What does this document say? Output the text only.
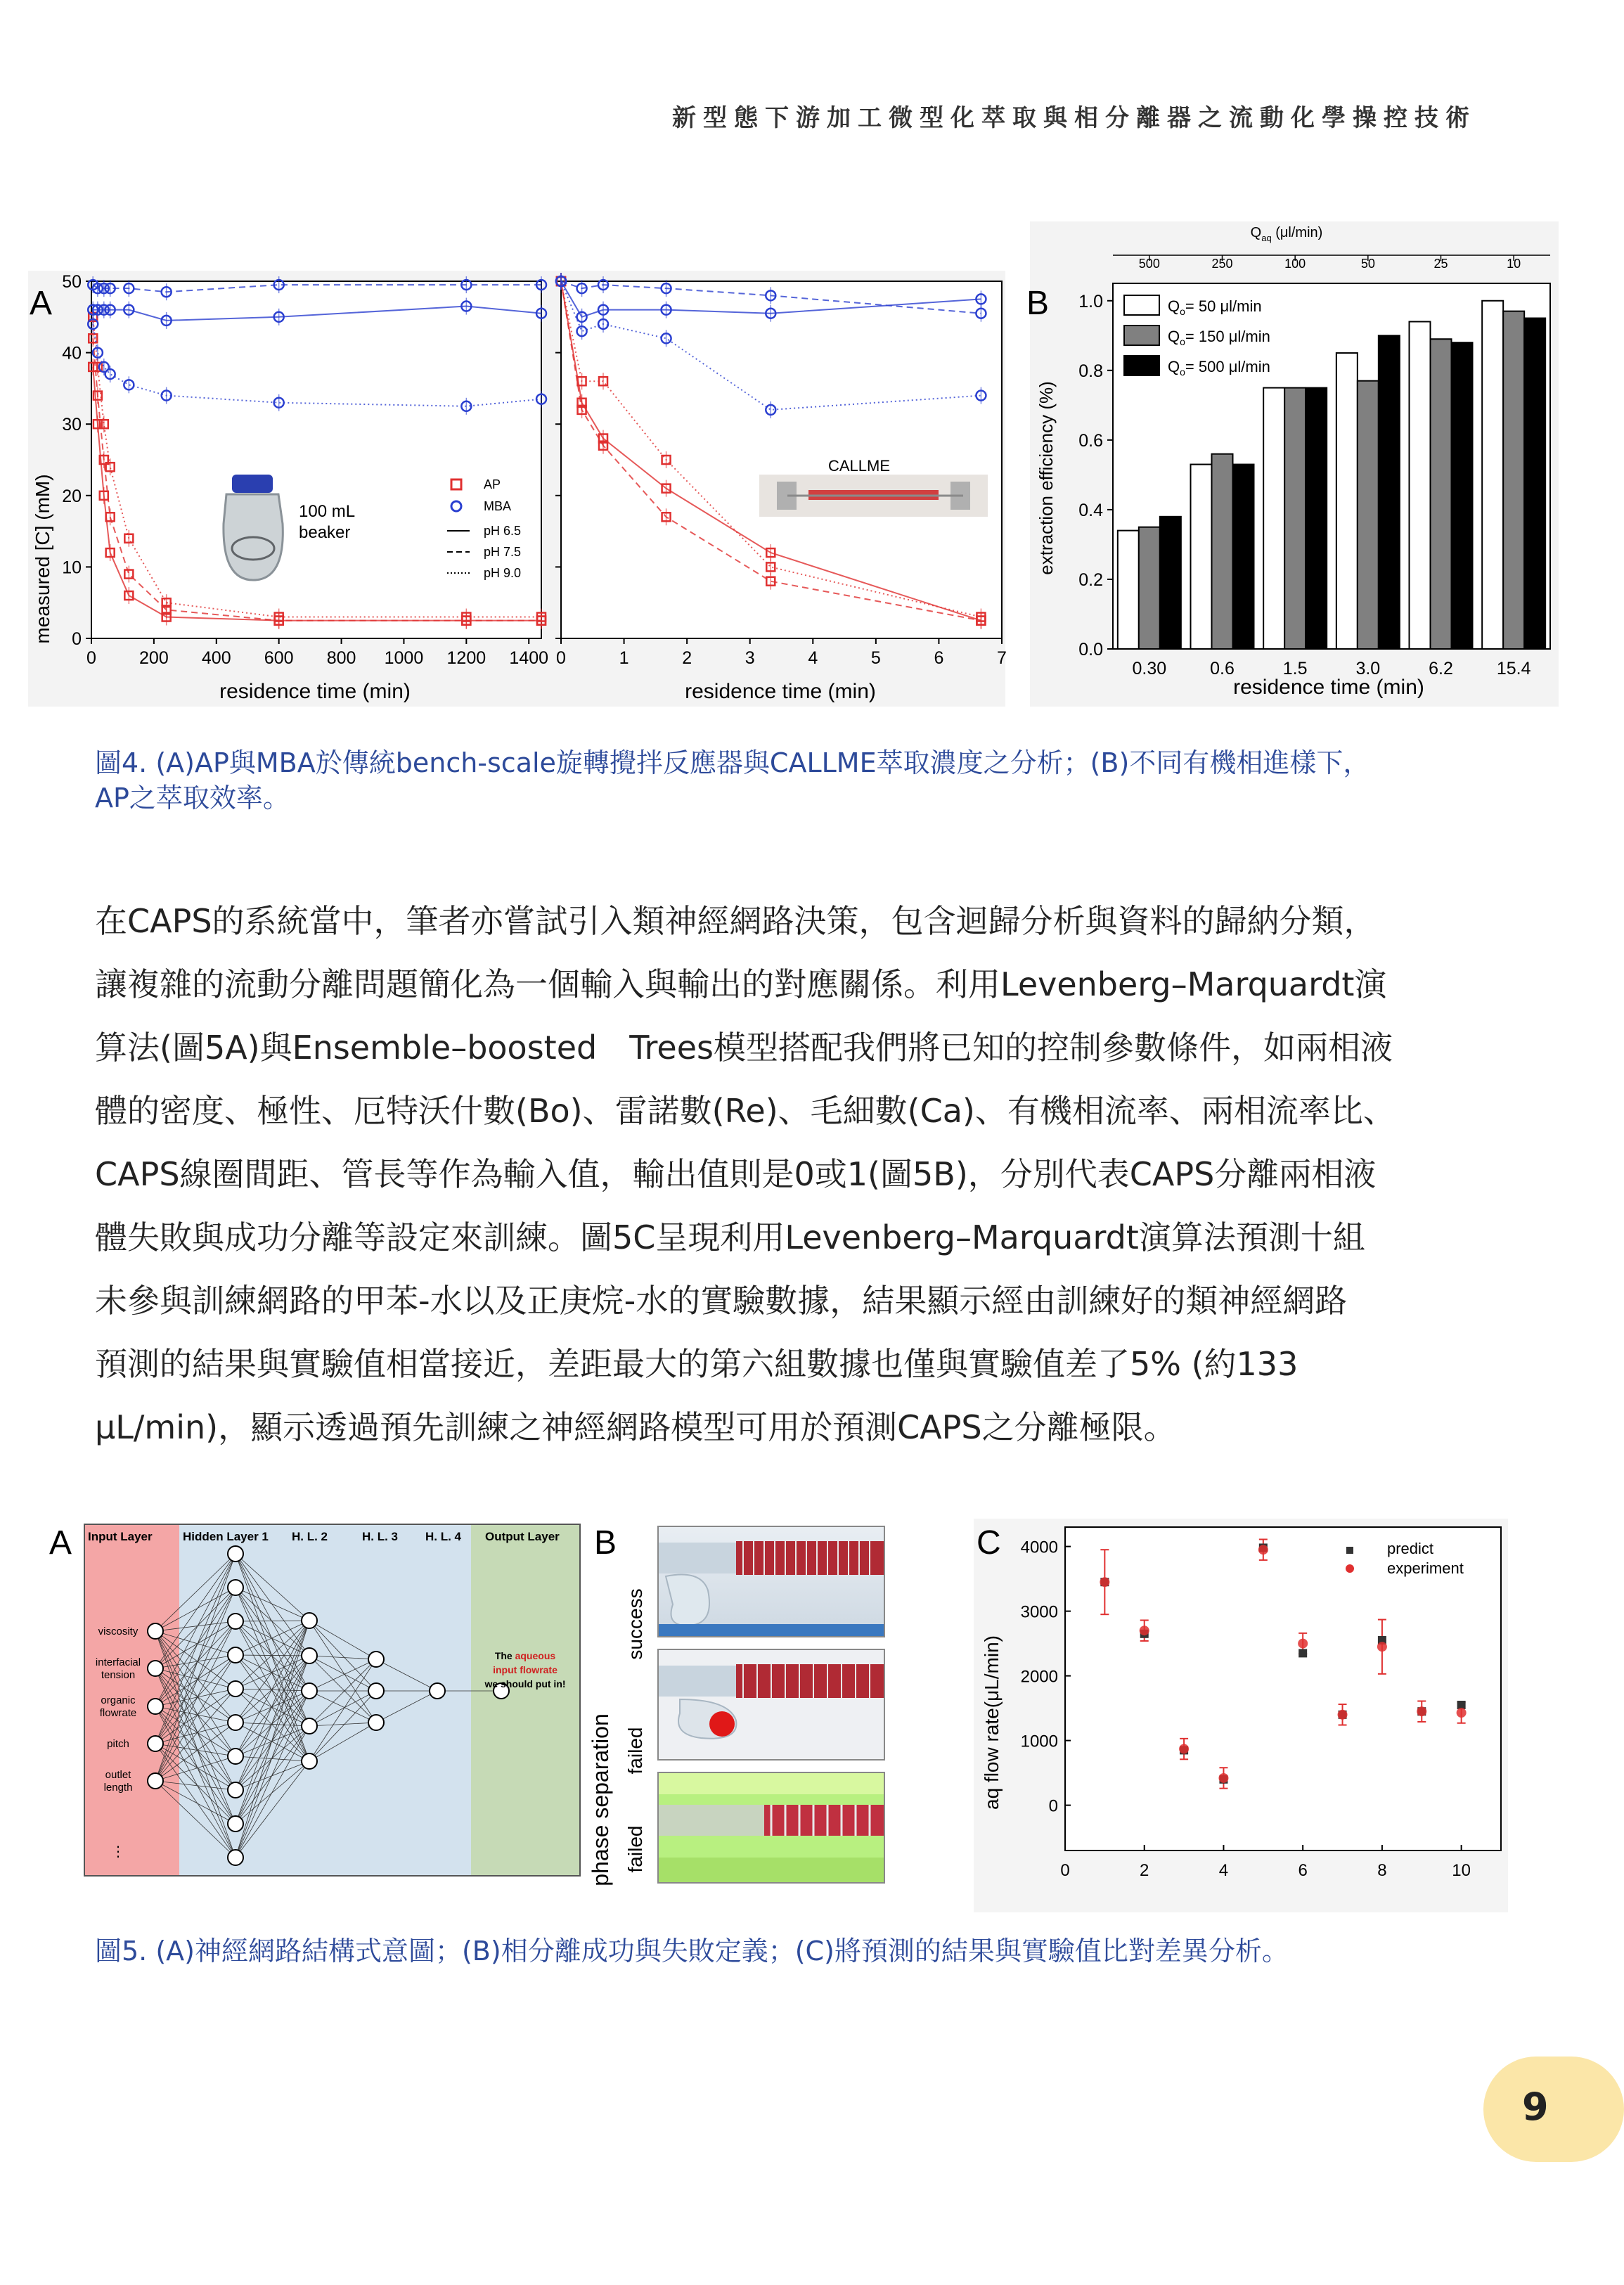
新型態下游加工微型化萃取與相分離器之流動化學操控技術
A
measured [C] (mM)
residence time (min)	residence time (min)
0 200 400 600 800 1000 1200 1400
0
10
20
30
40
50
0	1	2	3	4	5	6	7
100 mL
beaker
AP
MBA
pH 6.5
pH 7.5
pH 9.0
CALLME
B
$Q_{aq}$ (μl/min)
extraction efficiency (%)
residence time (min)
0.0
0.2
0.4
0.6
0.8
1.0
0.30
500
0.6
250
1.5
100
3.0
50
6.2
25
15.4
10
$Q_o= 50$ μl/min
$Q_o= 150$ μl/min
$Q_o= 500$ μl/min
圖4. (A)AP與MBA於傳統bench-scale旋轉攪拌反應器與CALLME萃取濃度之分析；(B)不同有機相進樣下，
AP之萃取效率。

在CAPS的系統當中，筆者亦嘗試引入類神經網路決策，包含迴歸分析與資料的歸納分類，

讓複雜的流動分離問題簡化為一個輸入與輸出的對應關係。利用Levenberg–Marquardt演

算法(圖5A)與Ensemble–boosted　Trees模型搭配我們將已知的控制參數條件，如兩相液

體的密度、極性、厄特沃什數(Bo)、雷諾數(Re)、毛細數(Ca)、有機相流率、兩相流率比、

CAPS線圈間距、管長等作為輸入值，輸出值則是0或1(圖5B)，分別代表CAPS分離兩相液

體失敗與成功分離等設定來訓練。圖5C呈現利用Levenberg–Marquardt演算法預測十組

未參與訓練網路的甲苯-水以及正庚烷-水的實驗數據，結果顯示經由訓練好的類神經網路

預測的結果與實驗值相當接近，差距最大的第六組數據也僅與實驗值差了5% (約133

μL/min)，顯示透過預先訓練之神經網路模型可用於預測CAPS之分離極限。

A Input Layer	Hidden Layer 1 H. L. 2	H. L. 3 H. L. 4 Output Layer
viscosity
interfacial
tension
organic
flowrate
pitch
outlet
length
⋮
The aqueous
input flowrate
we should put in!
B
phase separation
success
failed
failed
C
aq flow rate(μL/min)	0
1000
2000
3000
4000
0	2	4	6	8	10
predict
experiment
圖5. (A)神經網路結構式意圖；(B)相分離成功與失敗定義；(C)將預測的結果與實驗值比對差異分析。
9
